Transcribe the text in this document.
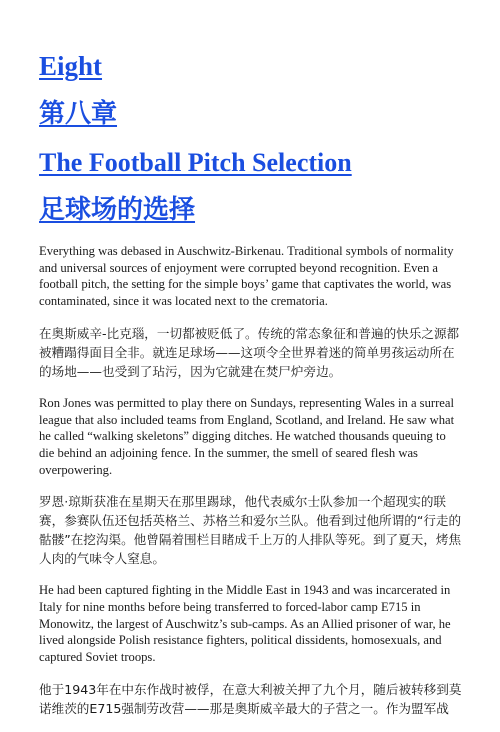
Eight
第八章
The Football Pitch Selection
足球场的选择

Everything was debased in Auschwitz-Birkenau. Traditional symbols of normality and universal sources of enjoyment were corrupted beyond recognition. Even a football pitch, the setting for the simple boys’ game that captivates the world, was contaminated, since it was located next to the crematoria.

在奥斯威辛-比克瑙，一切都被贬低了。传统的常态象征和普遍的快乐之源都被糟蹋得面目全非。就连足球场——这项令全世界着迷的简单男孩运动所在的场地——也受到了玷污，因为它就建在焚尸炉旁边。

Ron Jones was permitted to play there on Sundays, representing Wales in a surreal league that also included teams from England, Scotland, and Ireland. He saw what he called “walking skeletons” digging ditches. He watched thousands queuing to die behind an adjoining fence. In the summer, the smell of seared flesh was overpowering.

罗恩·琼斯获准在星期天在那里踢球，他代表威尔士队参加一个超现实的联赛，参赛队伍还包括英格兰、苏格兰和爱尔兰队。他看到过他所谓的“行走的骷髅”在挖沟渠。他曾隔着围栏目睹成千上万的人排队等死。到了夏天，烤焦人肉的气味令人窒息。

He had been captured fighting in the Middle East in 1943 and was incarcerated in Italy for nine months before being transferred to forced-labor camp E715 in Monowitz, the largest of Auschwitz’s sub-camps. As an Allied prisoner of war, he lived alongside Polish resistance fighters, political dissidents, homosexuals, and captured Soviet troops.

他于1943年在中东作战时被俘，在意大利被关押了九个月，随后被转移到莫诺维茨的E715强制劳改营——那是奥斯威辛最大的子营之一。作为盟军战
